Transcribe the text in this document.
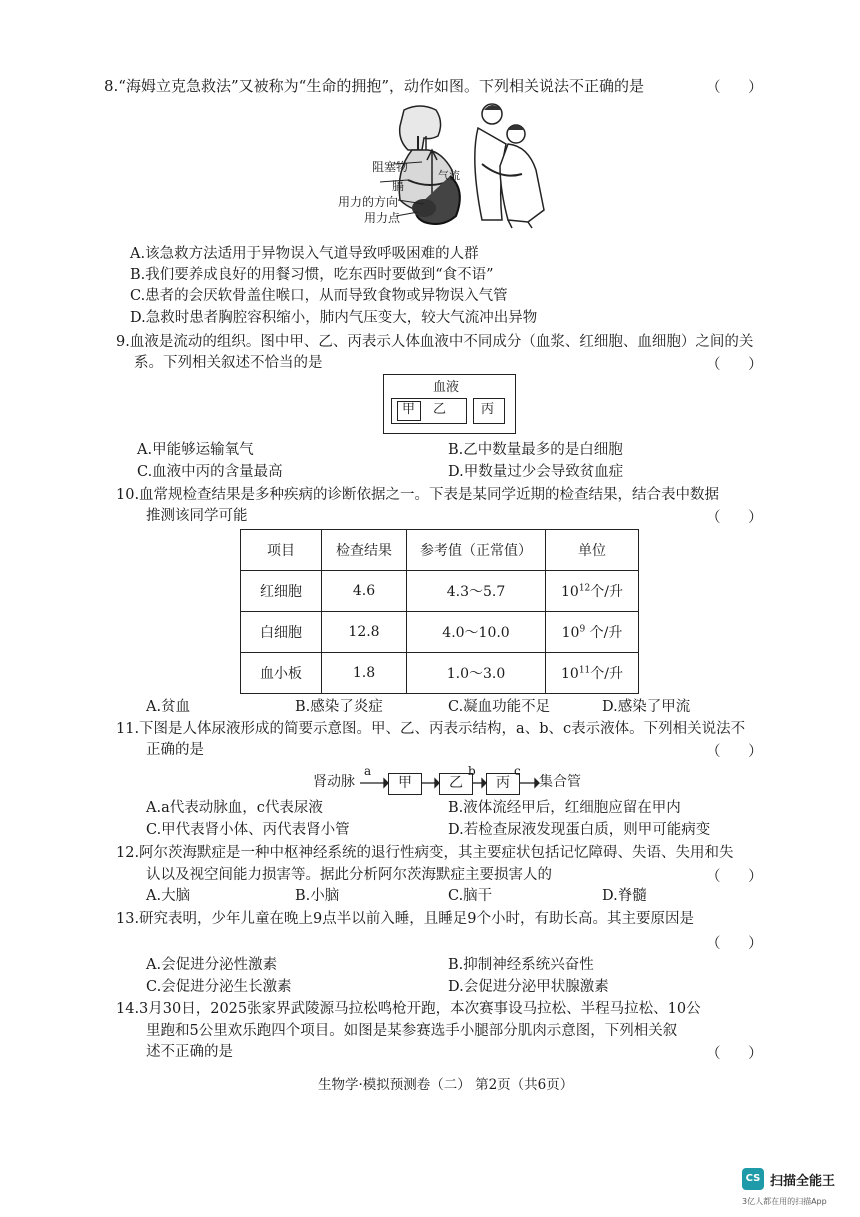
8.“海姆立克急救法”又被称为“生命的拥抱”，动作如图。下列相关说法不正确的是	（      ）
阻塞物
气流
膈
用力的方向
用力点
A.该急救方法适用于异物误入气道导致呼吸困难的人群
B.我们要养成良好的用餐习惯，吃东西时要做到“食不语”
C.患者的会厌软骨盖住喉口，从而导致食物或异物误入气管
D.急救时患者胸腔容积缩小，肺内气压变大，较大气流冲出异物
9.血液是流动的组织。图中甲、乙、丙表示人体血液中不同成分（血浆、红细胞、血细胞）之间的关
系。下列相关叙述不恰当的是	（      ）
血液
甲 乙	丙
A.甲能够运输氧气	B.乙中数量最多的是白细胞
C.血液中丙的含量最高	D.甲数量过少会导致贫血症
10.血常规检查结果是多种疾病的诊断依据之一。下表是某同学近期的检查结果，结合表中数据
推测该同学可能	（      ）
项目	检查结果	参考值（正常值）	单位
红细胞	4.6	4.3～5.7	$10^{12}$个/升
白细胞	12.8	4.0～10.0	$10^9$ 个/升
血小板	1.8	1.0～3.0	$10^{11}$个/升
A.贫血	B.感染了炎症	C.凝血功能不足	D.感染了甲流
11.下图是人体尿液形成的简要示意图。甲、乙、丙表示结构，a、b、c表示液体。下列相关说法不
正确的是	（      ）
肾动脉
a
甲	乙
b
丙
c
集合管
A.a代表动脉血，c代表尿液	B.液体流经甲后，红细胞应留在甲内
C.甲代表肾小体、丙代表肾小管	D.若检查尿液发现蛋白质，则甲可能病变
12.阿尔茨海默症是一种中枢神经系统的退行性病变，其主要症状包括记忆障碍、失语、失用和失
认以及视空间能力损害等。据此分析阿尔茨海默症主要损害人的	（      ）
A.大脑	B.小脑	C.脑干	D.脊髓
13.研究表明，少年儿童在晚上9点半以前入睡，且睡足9个小时，有助长高。其主要原因是
（      ）
A.会促进分泌性激素	B.抑制神经系统兴奋性
C.会促进分泌生长激素	D.会促进分泌甲状腺激素
14.3月30日，2025张家界武陵源马拉松鸣枪开跑，本次赛事设马拉松、半程马拉松、10公
里跑和5公里欢乐跑四个项目。如图是某参赛选手小腿部分肌肉示意图，下列相关叙
述不正确的是	（      ）
生物学·模拟预测卷（二） 第2页（共6页）
CS 扫描全能王
3亿人都在用的扫描App
